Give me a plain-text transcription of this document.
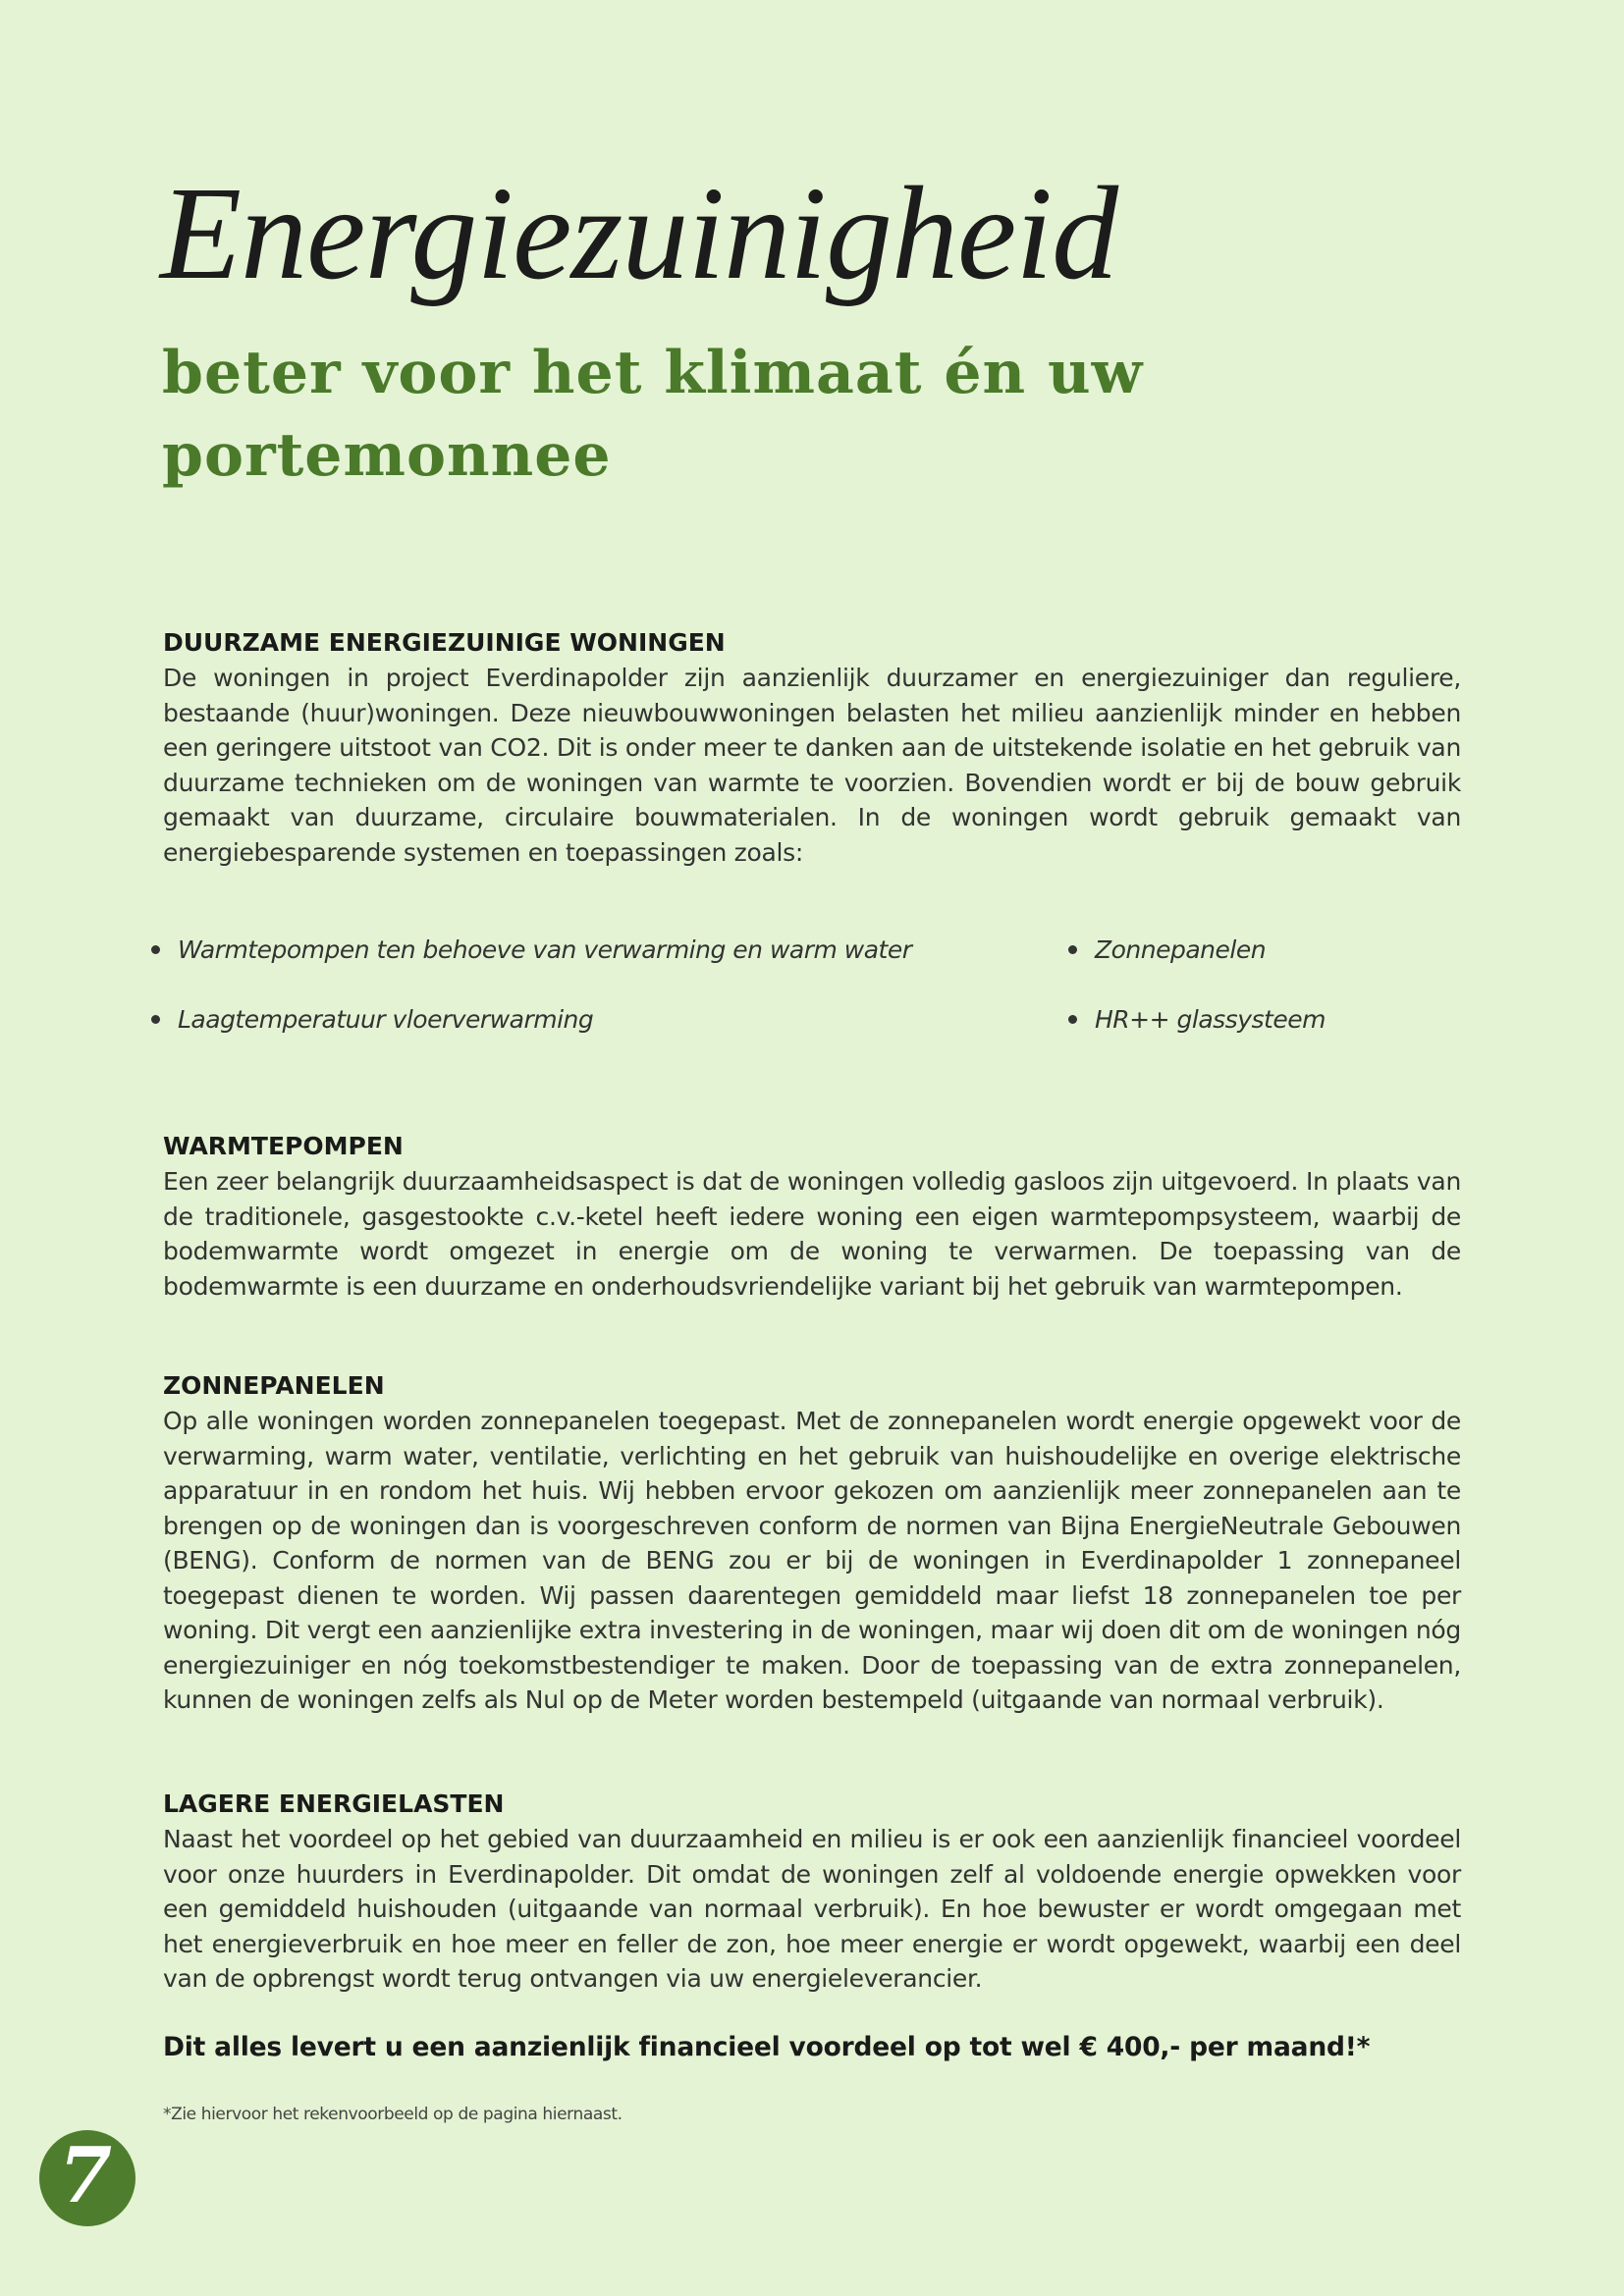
Energiezuinigheid
beter voor het klimaat én uw
portemonnee
DUURZAME ENERGIEZUINIGE WONINGEN

De woningen in project Everdinapolder zijn aanzienlijk duurzamer en energiezuiniger dan reguliere, bestaande (huur)woningen. Deze nieuwbouwwoningen belasten het milieu aanzienlijk minder en hebben een geringere uitstoot van CO2. Dit is onder meer te danken aan de uitstekende isolatie en het gebruik van duurzame technieken om de woningen van warmte te voorzien. Bovendien wordt er bij de bouw gebruik gemaakt van duurzame, circulaire bouwmaterialen. In de woningen wordt gebruik gemaakt van energiebesparende systemen en toepassingen zoals:

Warmtepompen ten behoeve van verwarming en warm water	Zonnepanelen
Laagtemperatuur vloerverwarming	HR++ glassysteem
WARMTEPOMPEN

Een zeer belangrijk duurzaamheidsaspect is dat de woningen volledig gasloos zijn uitgevoerd. In plaats van de traditionele, gasgestookte c.v.-ketel heeft iedere woning een eigen warmtepompsysteem, waarbij de bodemwarmte wordt omgezet in energie om de woning te verwarmen. De toepassing van de bodemwarmte is een duurzame en onderhoudsvriendelijke variant bij het gebruik van warmtepompen.

ZONNEPANELEN

Op alle woningen worden zonnepanelen toegepast. Met de zonnepanelen wordt energie opgewekt voor de verwarming, warm water, ventilatie, verlichting en het gebruik van huishoudelijke en overige elektrische apparatuur in en rondom het huis. Wij hebben ervoor gekozen om aanzienlijk meer zonnepanelen aan te brengen op de woningen dan is voorgeschreven conform de normen van Bijna EnergieNeutrale Gebouwen (BENG). Conform de normen van de BENG zou er bij de woningen in Everdinapolder 1 zonnepaneel toegepast dienen te worden. Wij passen daarentegen gemiddeld maar liefst 18 zonnepanelen toe per woning. Dit vergt een aanzienlijke extra investering in de woningen, maar wij doen dit om de woningen nóg energiezuiniger en nóg toekomstbestendiger te maken. Door de toepassing van de extra zonnepanelen, kunnen de woningen zelfs als Nul op de Meter worden bestempeld (uitgaande van normaal verbruik).

LAGERE ENERGIELASTEN

Naast het voordeel op het gebied van duurzaamheid en milieu is er ook een aanzienlijk financieel voordeel voor onze huurders in Everdinapolder. Dit omdat de woningen zelf al voldoende energie opwekken voor een gemiddeld huishouden (uitgaande van normaal verbruik). En hoe bewuster er wordt omgegaan met het energieverbruik en hoe meer en feller de zon, hoe meer energie er wordt opgewekt, waarbij een deel van de opbrengst wordt terug ontvangen via uw energieleverancier.

Dit alles levert u een aanzienlijk financieel voordeel op tot wel € 400,- per maand!*

*Zie hiervoor het rekenvoorbeeld op de pagina hiernaast.

7
